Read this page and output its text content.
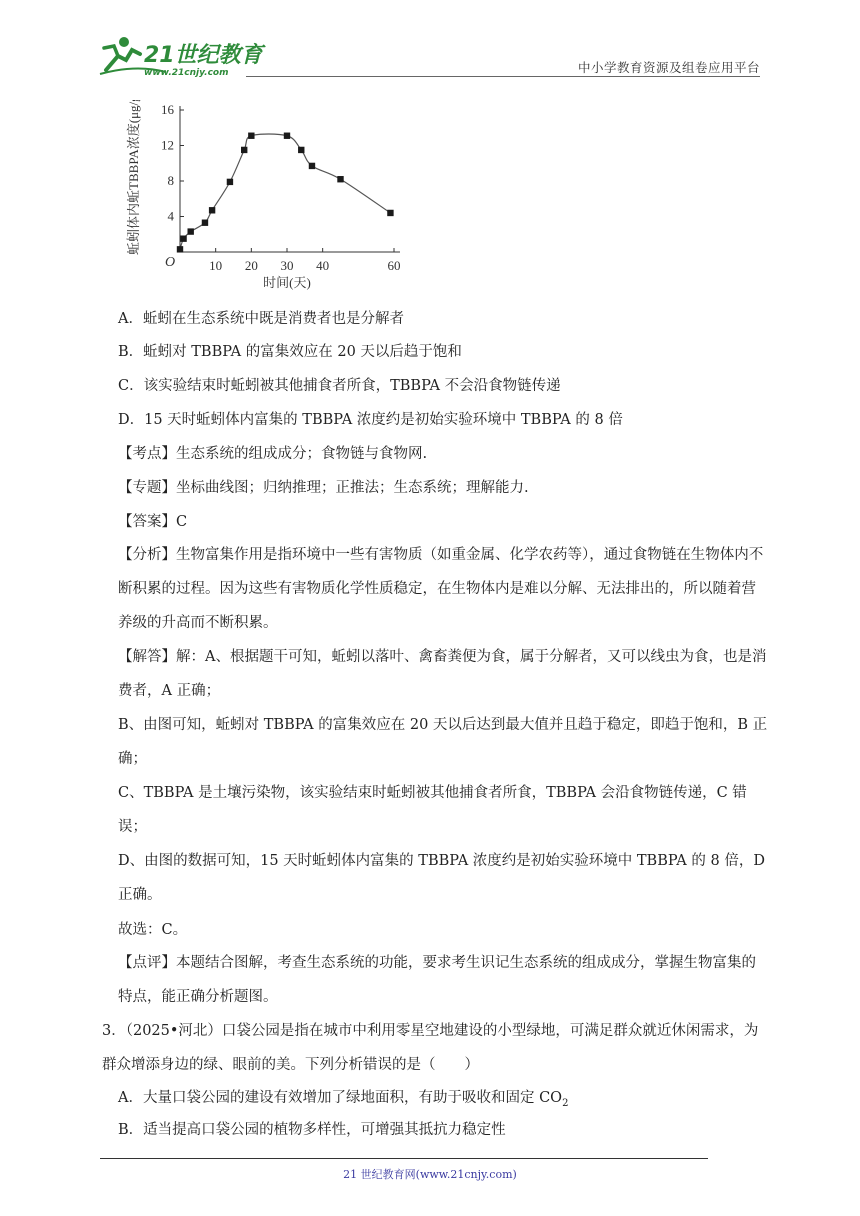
21世纪教育
www.21cnjy.com	中小学教育资源及组卷应用平台
10 20 30 40	60
4
8
12
16
蚯蚓体内蚯TBBPA浓度(μg/g)
时间(天)
O
A．蚯蚓在生态系统中既是消费者也是分解者
B．蚯蚓对 TBBPA 的富集效应在 20 天以后趋于饱和
C．该实验结束时蚯蚓被其他捕食者所食，TBBPA 不会沿食物链传递
D．15 天时蚯蚓体内富集的 TBBPA 浓度约是初始实验环境中 TBBPA 的 8 倍
【考点】生态系统的组成成分；食物链与食物网.
【专题】坐标曲线图；归纳推理；正推法；生态系统；理解能力.
【答案】C
【分析】生物富集作用是指环境中一些有害物质（如重金属、化学农药等），通过食物链在生物体内不断积累的过程。因为这些有害物质化学性质稳定，在生物体内是难以分解、无法排出的，所以随着营养级的升高而不断积累。
【解答】解：A、根据题干可知，蚯蚓以落叶、禽畜粪便为食，属于分解者，又可以线虫为食，也是消费者，A 正确；
B、由图可知，蚯蚓对 TBBPA 的富集效应在 20 天以后达到最大值并且趋于稳定，即趋于饱和，B 正确；
C、TBBPA 是土壤污染物，该实验结束时蚯蚓被其他捕食者所食，TBBPA 会沿食物链传递，C 错误；
D、由图的数据可知，15 天时蚯蚓体内富集的 TBBPA 浓度约是初始实验环境中 TBBPA 的 8 倍，D 正确。
故选：C。
【点评】本题结合图解，考查生态系统的功能，要求考生识记生态系统的组成成分，掌握生物富集的特点，能正确分析题图。
3．（2025•河北）口袋公园是指在城市中利用零星空地建设的小型绿地，可满足群众就近休闲需求，为群众增添身边的绿、眼前的美。下列分析错误的是（　　）
A．大量口袋公园的建设有效增加了绿地面积，有助于吸收和固定 $CO_2$
B．适当提高口袋公园的植物多样性，可增强其抵抗力稳定性
21 世纪教育网(www.21cnjy.com)
